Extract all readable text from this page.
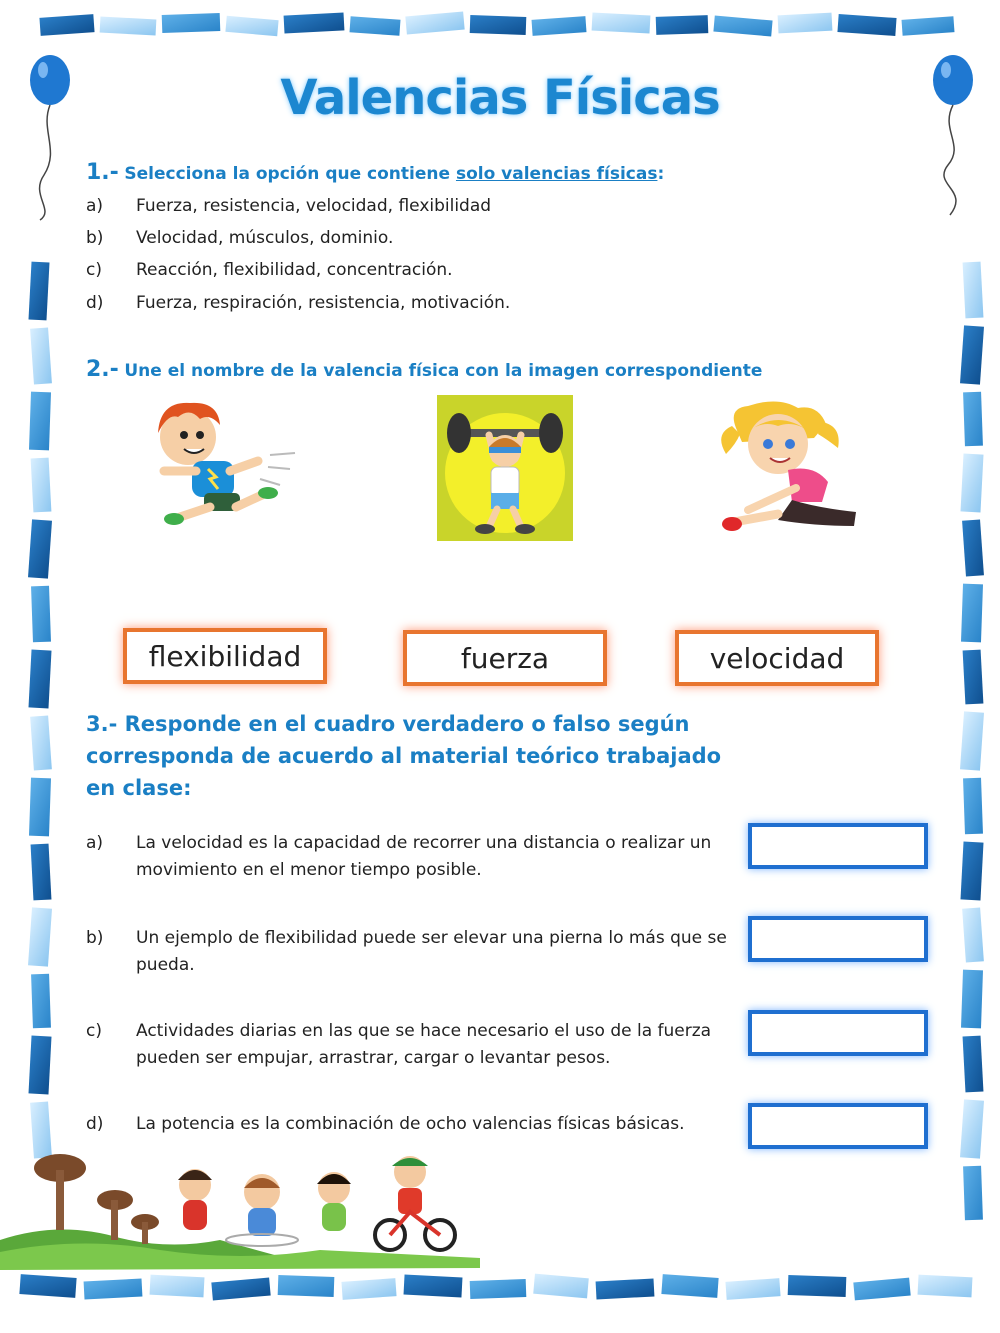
Valencias Físicas
1.- Selecciona la opción que contiene solo valencias físicas:
a) Fuerza, resistencia, velocidad, flexibilidad
b) Velocidad, músculos, dominio.
c) Reacción, flexibilidad, concentración.
d) Fuerza, respiración, resistencia, motivación.
2.- Une el nombre de la valencia física con la imagen correspondiente
flexibilidad	fuerza	velocidad
3.- Responde en el cuadro verdadero o falso según corresponda de acuerdo al material teórico trabajado en clase:
a) La velocidad es la capacidad de recorrer una distancia o realizar un movimiento en el menor tiempo posible.
b) Un ejemplo de flexibilidad puede ser elevar una pierna lo más que se pueda.
c) Actividades diarias en las que se hace necesario el uso de la fuerza pueden ser empujar, arrastrar, cargar o levantar pesos.
d) La potencia es la combinación de ocho valencias físicas básicas.
